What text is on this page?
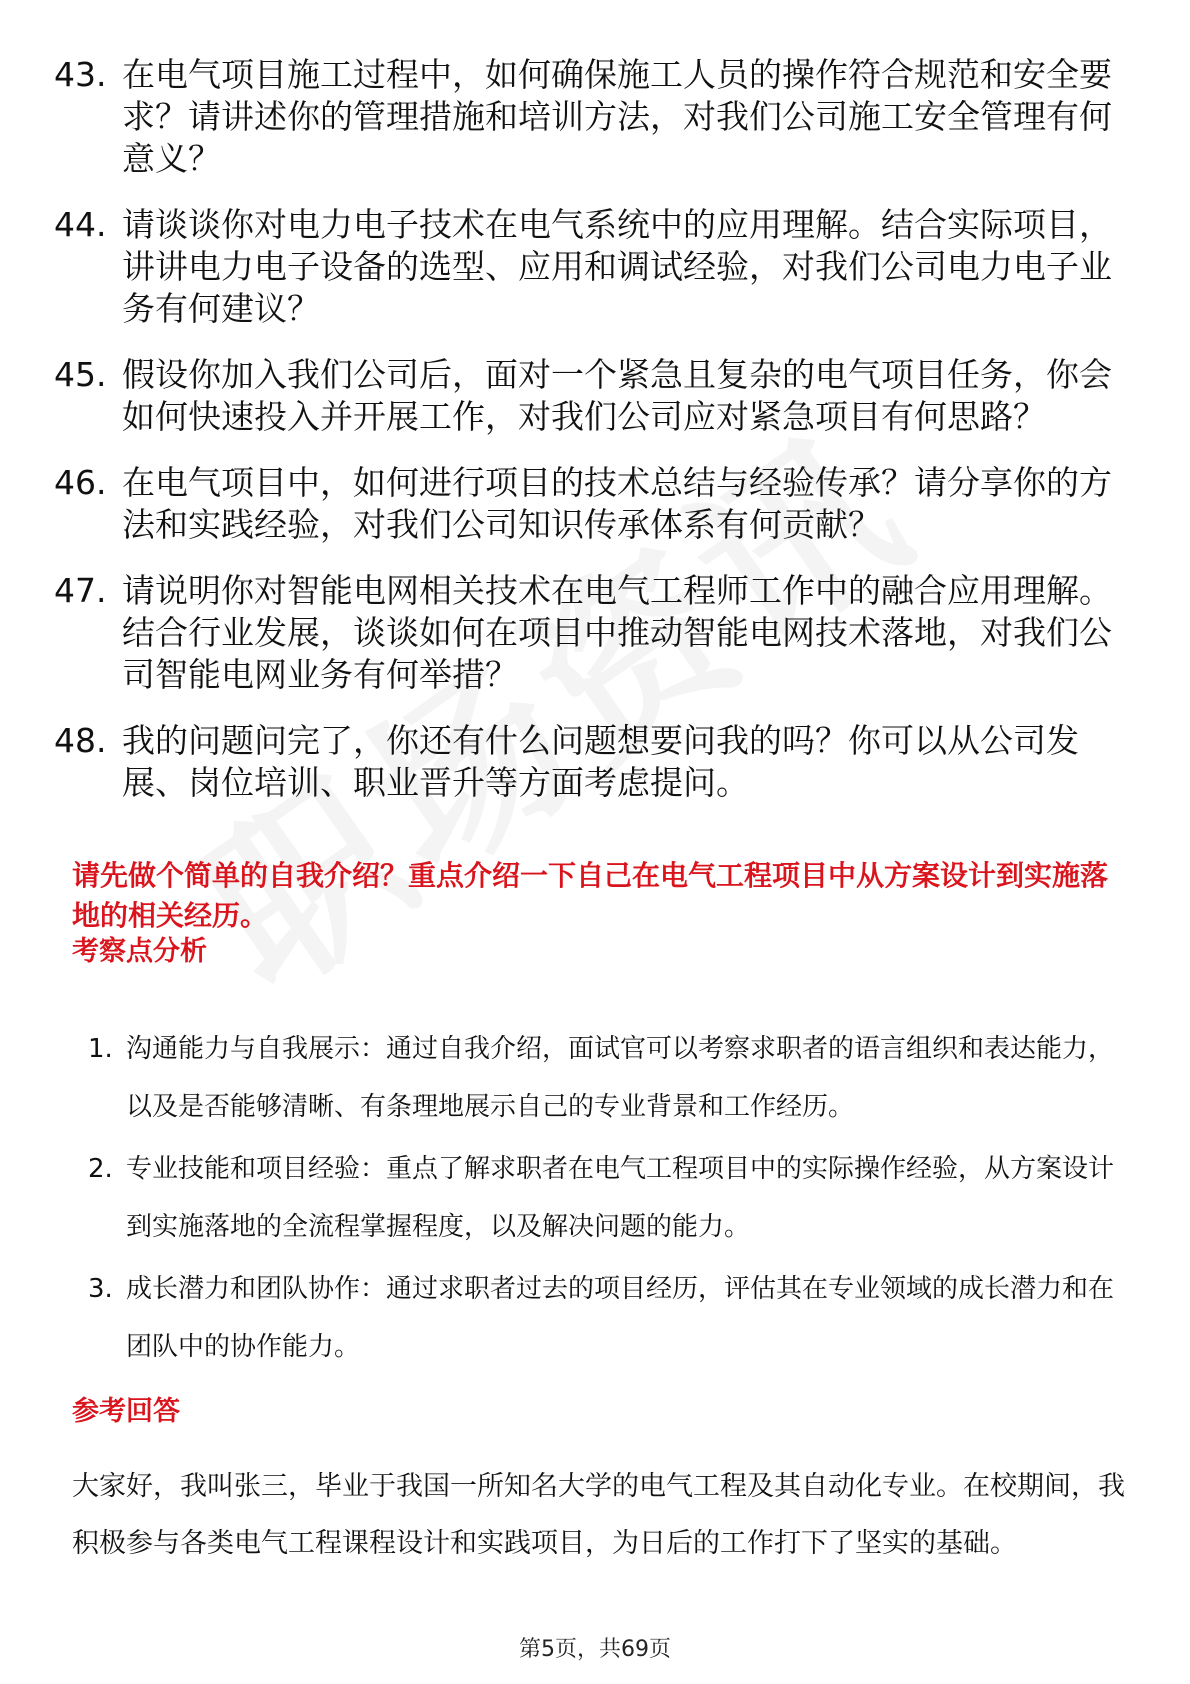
43. 在电气项目施工过程中，如何确保施工人员的操作符合规范和安全要求？请讲述你的管理措施和培训方法，对我们公司施工安全管理有何意义？
44. 请谈谈你对电力电子技术在电气系统中的应用理解。结合实际项目，讲讲电力电子设备的选型、应用和调试经验，对我们公司电力电子业务有何建议？
45. 假设你加入我们公司后，面对一个紧急且复杂的电气项目任务，你会如何快速投入并开展工作，对我们公司应对紧急项目有何思路？
46. 在电气项目中，如何进行项目的技术总结与经验传承？请分享你的方法和实践经验，对我们公司知识传承体系有何贡献？
47. 请说明你对智能电网相关技术在电气工程师工作中的融合应用理解。结合行业发展，谈谈如何在项目中推动智能电网技术落地，对我们公司智能电网业务有何举措？
48. 我的问题问完了，你还有什么问题想要问我的吗？你可以从公司发展、岗位培训、职业晋升等方面考虑提问。
请先做个简单的自我介绍？重点介绍一下自己在电气工程项目中从方案设计到实施落地的相关经历。
考察点分析
1. 沟通能力与自我展示：通过自我介绍，面试官可以考察求职者的语言组织和表达能力，以及是否能够清晰、有条理地展示自己的专业背景和工作经历。
2. 专业技能和项目经验：重点了解求职者在电气工程项目中的实际操作经验，从方案设计到实施落地的全流程掌握程度，以及解决问题的能力。
3. 成长潜力和团队协作：通过求职者过去的项目经历，评估其在专业领域的成长潜力和在团队中的协作能力。
参考回答
大家好，我叫张三，毕业于我国一所知名大学的电气工程及其自动化专业。在校期间，我积极参与各类电气工程课程设计和实践项目，为日后的工作打下了坚实的基础。
第5页，共69页
